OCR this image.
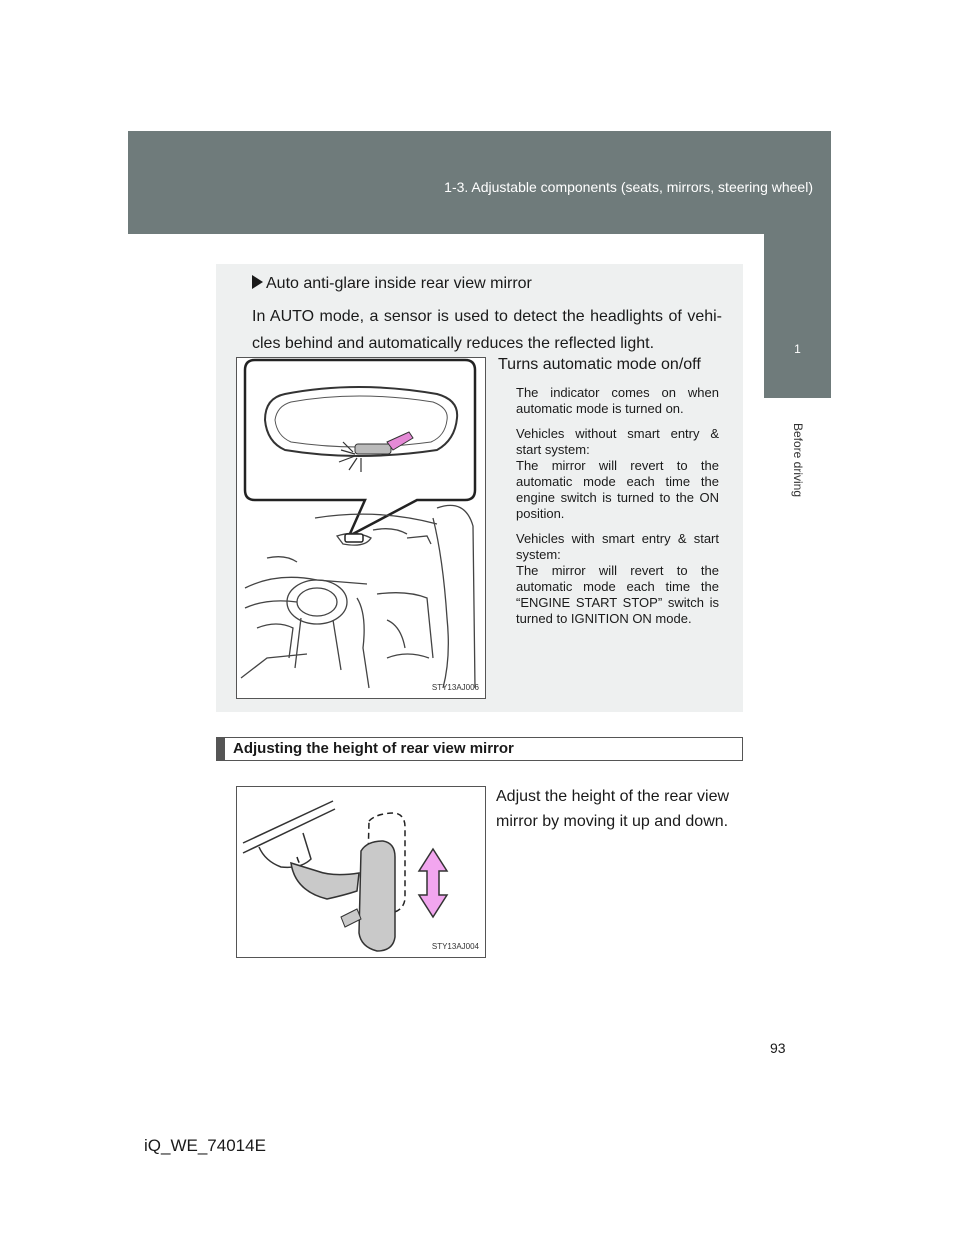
1-3. Adjustable components (seats, mirrors, steering wheel)
1
Before driving
Auto anti-glare inside rear view mirror
In AUTO mode, a sensor is used to detect the headlights of vehi-cles behind and automatically reduces the reflected light.
STY13AJ006
Turns automatic mode on/off

The indicator comes on when automatic mode is turned on.

Vehicles without smart entry & start system:

The mirror will revert to the automatic mode each time the engine switch is turned to the ON position.

Vehicles with smart entry & start system:

The mirror will revert to the automatic mode each time the “ENGINE START STOP” switch is turned to IGNITION ON mode.

Adjusting the height of rear view mirror
STY13AJ004
Adjust the height of the rear view mirror by moving it up and down.
93
iQ_WE_74014E
